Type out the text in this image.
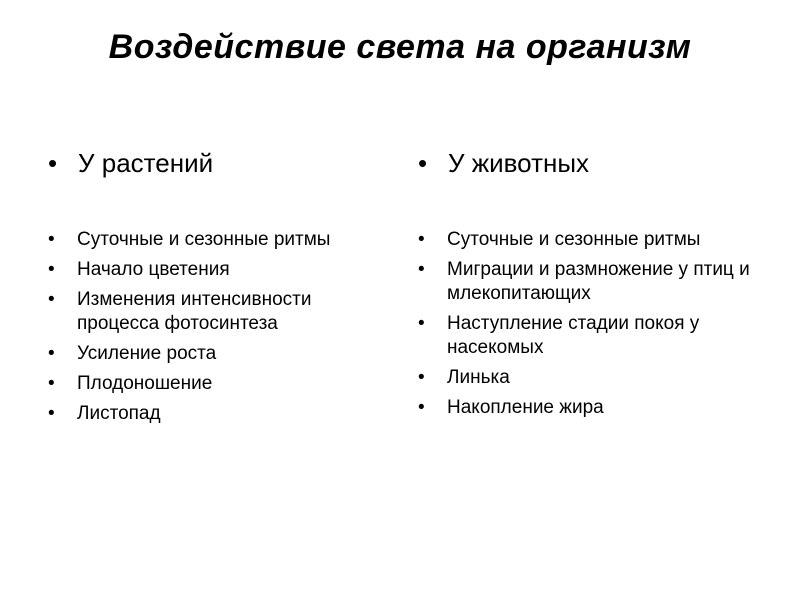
Воздействие света на организм
• У растений
• Суточные и сезонные ритмы
• Начало цветения
• Изменения интенсивности процесса фотосинтеза
• Усиление роста
• Плодоношение
• Листопад
• У животных
• Суточные и сезонные ритмы
• Миграции и размножение у птиц и млекопитающих
• Наступление стадии покоя у насекомых
• Линька
• Накопление жира
